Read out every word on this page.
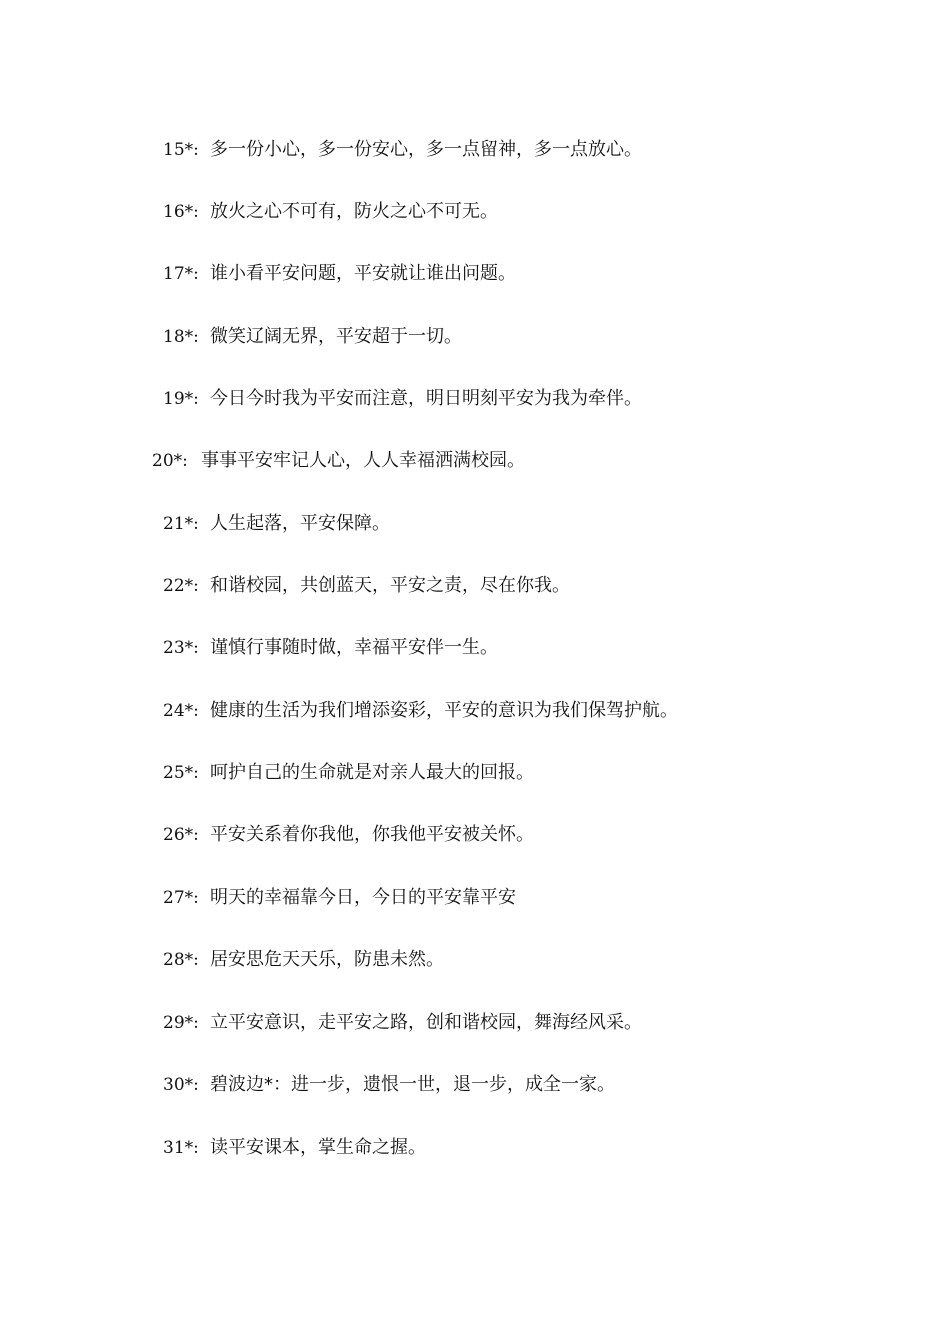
15*: 多一份小心，多一份安心，多一点留神，多一点放心。
16*: 放火之心不可有，防火之心不可无。
17*: 谁小看平安问题，平安就让谁出问题。
18*: 微笑辽阔无界，平安超于一切。
19*: 今日今时我为平安而注意，明日明刻平安为我为牵伴。
20*: 事事平安牢记人心，人人幸福洒满校园。
21*: 人生起落，平安保障。
22*: 和谐校园，共创蓝天，平安之责，尽在你我。
23*: 谨慎行事随时做，幸福平安伴一生。
24*: 健康的生活为我们增添姿彩，平安的意识为我们保驾护航。
25*: 呵护自己的生命就是对亲人最大的回报。
26*: 平安关系着你我他，你我他平安被关怀。
27*: 明天的幸福靠今日，今日的平安靠平安
28*: 居安思危天天乐，防患未然。
29*: 立平安意识，走平安之路，创和谐校园，舞海经风采。
30*: 碧波边*：进一步，遗恨一世，退一步，成全一家。
31*: 读平安课本，掌生命之握。
